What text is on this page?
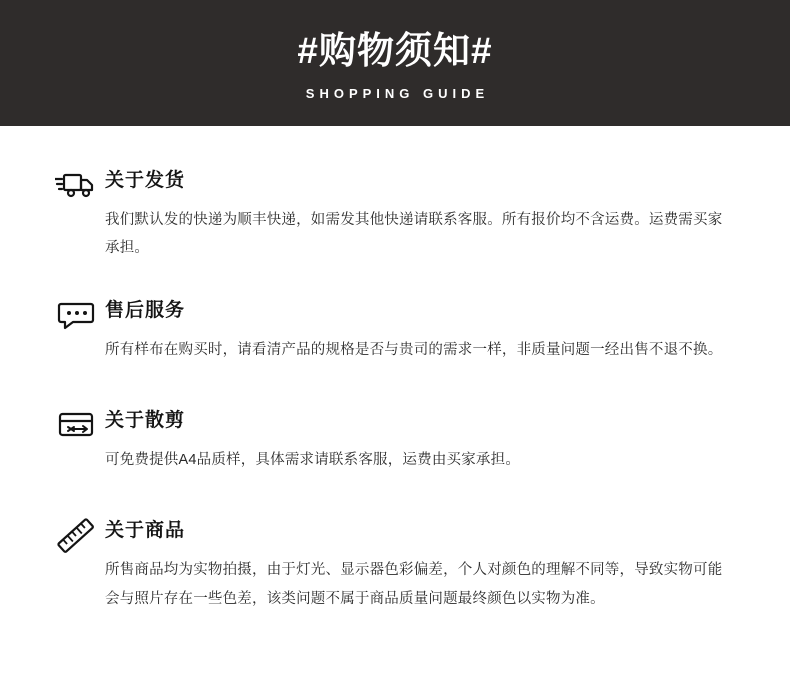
#购物须知#
SHOPPING GUIDE
关于发货
我们默认发的快递为顺丰快递，如需发其他快递请联系客服。所有报价均不含运费。运费需买家承担。
售后服务
所有样布在购买时，请看清产品的规格是否与贵司的需求一样，非质量问题一经出售不退不换。
关于散剪
可免费提供A4品质样，具体需求请联系客服，运费由买家承担。
关于商品
所售商品均为实物拍摄，由于灯光、显示器色彩偏差，个人对颜色的理解不同等，导致实物可能会与照片存在一些色差，该类问题不属于商品质量问题最终颜色以实物为准。
